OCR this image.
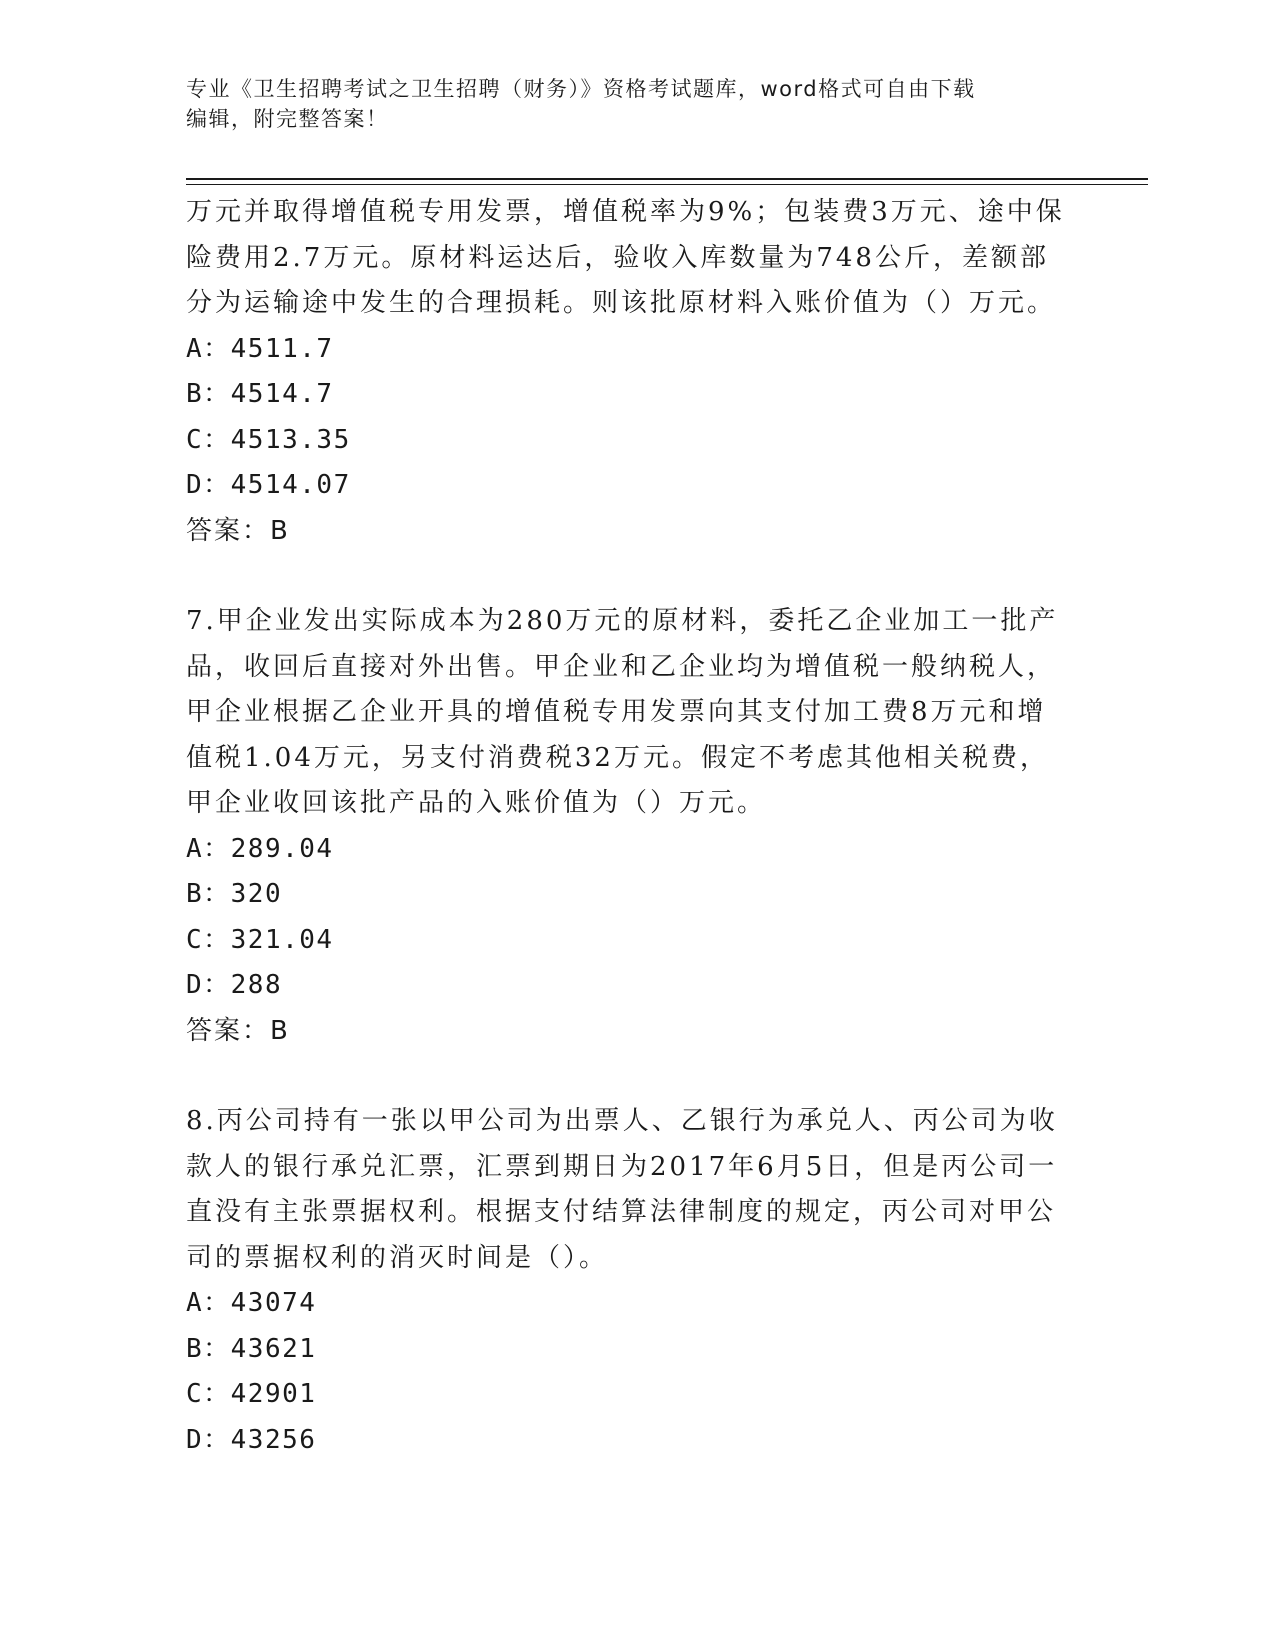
专业《卫生招聘考试之卫生招聘（财务）》资格考试题库，word格式可自由下载
编辑，附完整答案！

万元并取得增值税专用发票，增值税率为9%；包装费3万元、途中保

险费用2.7万元。原材料运达后，验收入库数量为748公斤，差额部

分为运输途中发生的合理损耗。则该批原材料入账价值为（）万元。

A：4511.7

B：4514.7

C：4513.35

D：4514.07

答案：B

7.甲企业发出实际成本为280万元的原材料，委托乙企业加工一批产

品，收回后直接对外出售。甲企业和乙企业均为增值税一般纳税人，

甲企业根据乙企业开具的增值税专用发票向其支付加工费8万元和增

值税1.04万元，另支付消费税32万元。假定不考虑其他相关税费，

甲企业收回该批产品的入账价值为（）万元。

A：289.04

B：320

C：321.04

D：288

答案：B

8.丙公司持有一张以甲公司为出票人、乙银行为承兑人、丙公司为收

款人的银行承兑汇票，汇票到期日为2017年6月5日，但是丙公司一

直没有主张票据权利。根据支付结算法律制度的规定，丙公司对甲公

司的票据权利的消灭时间是（）。

A：43074

B：43621

C：42901

D：43256
